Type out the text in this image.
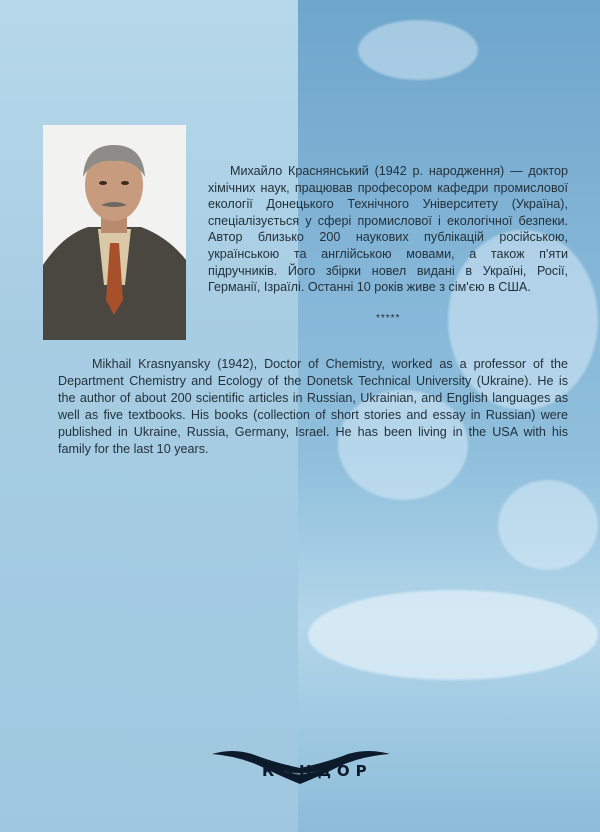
Михайло Краснянський (1942 р. народження) — доктор хімічних наук, працював професором кафедри промислової екології Донецького Технічного Університету (Україна), спеціалізується у сфері промислової і екологічної безпеки. Автор близько 200 наукових публікацій російською, українською та англійською мовами, а також п'яти підручників. Його збірки новел видані в Україні, Росії, Германії, Ізраїлі. Останні 10 років живе з сім'єю в США.

*****

Mikhail Krasnyansky (1942), Doctor of Chemistry, worked as a professor of the Department Chemistry and Ecology of the Donetsk Technical University (Ukraine). He is the author of about 200 scientific articles in Russian, Ukrainian, and English languages as well as five textbooks. His books (collection of short stories and essay in Russian) were published in Ukraine, Russia, Germany, Israel. He has been living in the USA with his family for the last 10 years.

КОНДОР
